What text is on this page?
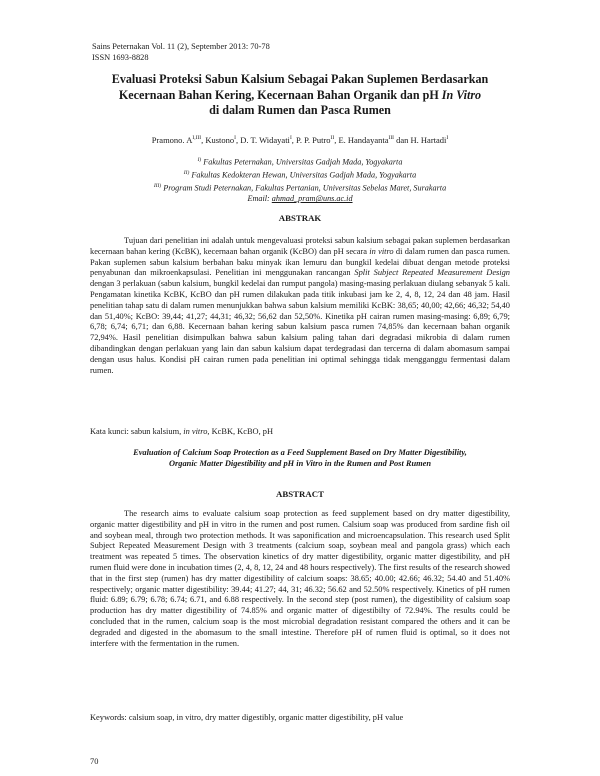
Sains Peternakan Vol. 11 (2), September 2013: 70-78
ISSN 1693-8828
Evaluasi Proteksi Sabun Kalsium Sebagai Pakan Suplemen Berdasarkan
Kecernaan Bahan Kering, Kecernaan Bahan Organik dan pH In Vitro
di dalam Rumen dan Pasca Rumen
Pramono. $A^{I,III}$, Kustono$^I$, D. T. Widayati$^I$, P. P. Putro$^{II}$, E. Handayanta$^{III}$ dan H. Hartadi$^I$
$^{I)}$ Fakultas Peternakan, Universitas Gadjah Mada, Yogyakarta
$^{II)}$ Fakultas Kedokteran Hewan, Universitas Gadjah Mada, Yogyakarta
$^{III)}$ Program Studi Peternakan, Fakultas Pertanian, Universitas Sebelas Maret, Surakarta
Email: ahmad_pram@uns.ac.id
ABSTRAK

Tujuan dari penelitian ini adalah untuk mengevaluasi proteksi sabun kalsium sebagai pakan suplemen berdasarkan kecernaan bahan kering (KcBK), kecernaan bahan organik (KcBO) dan pH secara in vitro di dalam rumen dan pasca rumen. Pakan suplemen sabun kalsium berbahan baku minyak ikan lemuru dan bungkil kedelai dibuat dengan metode proteksi penyabunan dan mikroenkapsulasi. Penelitian ini menggunakan rancangan Split Subject Repeated Measurement Design dengan 3 perlakuan (sabun kalsium, bungkil kedelai dan rumput pangola) masing-masing perlakuan diulang sebanyak 5 kali. Pengamatan kinetika KcBK, KcBO dan pH rumen dilakukan pada titik inkubasi jam ke 2, 4, 8, 12, 24 dan 48 jam. Hasil penelitian tahap satu di dalam rumen menunjukkan bahwa sabun kalsium memiliki KcBK: 38,65; 40,00; 42,66; 46,32; 54,40 dan 51,40%; KcBO: 39,44; 41,27; 44,31; 46,32; 56,62 dan 52,50%. Kinetika pH cairan rumen masing-masing: 6,89; 6,79; 6,78; 6,74; 6,71; dan 6,88. Kecernaan bahan kering sabun kalsium pasca rumen 74,85% dan kecernaan bahan organik 72,94%. Hasil penelitian disimpulkan bahwa sabun kalsium paling tahan dari degradasi mikrobia di dalam rumen dibandingkan dengan perlakuan yang lain dan sabun kalsium dapat terdegradasi dan tercerna di dalam abomasum sampai dengan usus halus. Kondisi pH cairan rumen pada penelitian ini optimal sehingga tidak mengganggu fermentasi dalam rumen.

Kata kunci: sabun kalsium, in vitro, KcBK, KcBO, pH
Evaluation of Calcium Soap Protection as a Feed Supplement Based on Dry Matter Digestibility,
Organic Matter Digestibility and pH in Vitro in the Rumen and Post Rumen
ABSTRACT

The research aims to evaluate calsium soap protection as feed supplement based on dry matter digestibility, organic matter digestibility and pH in vitro in the rumen and post rumen. Calsium soap was produced from sardine fish oil and soybean meal, through two protection methods. It was saponification and microencapsulation. This research used Split Subject Repeated Measurement Design with 3 treatments (calcium soap, soybean meal and pangola grass) which each treatment was repeated 5 times. The observation kinetics of dry matter digestibility, organic matter digestibility, and pH rumen fluid were done in incubation times (2, 4, 8, 12, 24 and 48 hours respectively). The first results of the research showed that in the first step (rumen) has dry matter digestibility of calcium soaps: 38.65; 40.00; 42.66; 46.32; 54.40 and 51.40% respectively; organic matter digestibility: 39.44; 41.27; 44, 31; 46.32; 56.62 and 52.50% respectively. Kinetics of pH rumen fluid: 6.89; 6.79; 6.78; 6.74; 6.71, and 6.88 respectively. In the second step (post rumen), the digestibility of calsium soap production has dry matter digestibility of 74.85% and organic matter of digestibilty of 72.94%. The results could be concluded that in the rumen, calcium soap is the most microbial degradation resistant compared the others and it can be degraded and digested in the abomasum to the small intestine. Therefore pH of rumen fluid is optimal, so it does not interfere with the fermentation in the rumen.

Keywords: calsium soap, in vitro, dry matter digestibly, organic matter digestibility, pH value
70
